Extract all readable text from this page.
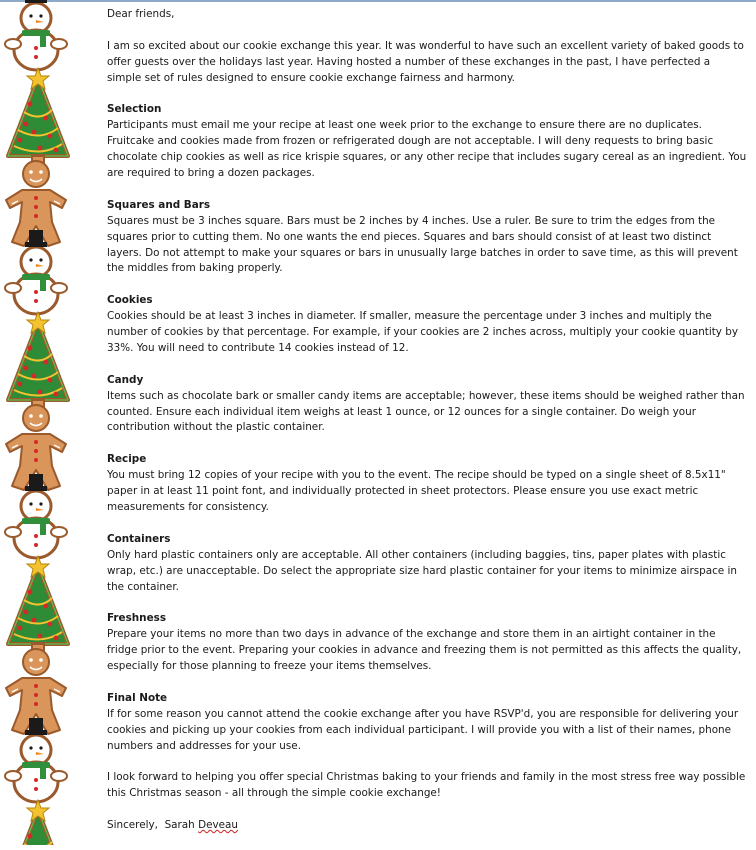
Dear friends,

I am so excited about our cookie exchange this year. It was wonderful to have such an excellent variety of baked goods to offer guests over the holidays last year. Having hosted a number of these exchanges in the past, I have perfected a simple set of rules designed to ensure cookie exchange fairness and harmony.

Selection
Participants must email me your recipe at least one week prior to the exchange to ensure there are no duplicates. Fruitcake and cookies made from frozen or refrigerated dough are not acceptable. I will deny requests to bring basic chocolate chip cookies as well as rice krispie squares, or any other recipe that includes sugary cereal as an ingredient. You are required to bring a dozen packages.

Squares and Bars
Squares must be 3 inches square. Bars must be 2 inches by 4 inches. Use a ruler. Be sure to trim the edges from the squares prior to cutting them. No one wants the end pieces. Squares and bars should consist of at least two distinct layers. Do not attempt to make your squares or bars in unusually large batches in order to save time, as this will prevent the middles from baking properly.

Cookies
Cookies should be at least 3 inches in diameter. If smaller, measure the percentage under 3 inches and multiply the number of cookies by that percentage. For example, if your cookies are 2 inches across, multiply your cookie quantity by 33%. You will need to contribute 14 cookies instead of 12.

Candy
Items such as chocolate bark or smaller candy items are acceptable; however, these items should be weighed rather than counted. Ensure each individual item weighs at least 1 ounce, or 12 ounces for a single container. Do weigh your contribution without the plastic container.

Recipe
You must bring 12 copies of your recipe with you to the event. The recipe should be typed on a single sheet of 8.5x11" paper in at least 11 point font, and individually protected in sheet protectors. Please ensure you use exact metric measurements for consistency.

Containers
Only hard plastic containers only are acceptable. All other containers (including baggies, tins, paper plates with plastic wrap, etc.) are unacceptable. Do select the appropriate size hard plastic container for your items to minimize airspace in the container.

Freshness
Prepare your items no more than two days in advance of the exchange and store them in an airtight container in the fridge prior to the event. Preparing your cookies in advance and freezing them is not permitted as this affects the quality, especially for those planning to freeze your items themselves.

Final Note
If for some reason you cannot attend the cookie exchange after you have RSVP'd, you are responsible for delivering your cookies and picking up your cookies from each individual participant. I will provide you with a list of their names, phone numbers and addresses for your use.

I look forward to helping you offer special Christmas baking to your friends and family in the most stress free way possible this Christmas season - all through the simple cookie exchange!

Sincerely, Sarah Deveau
